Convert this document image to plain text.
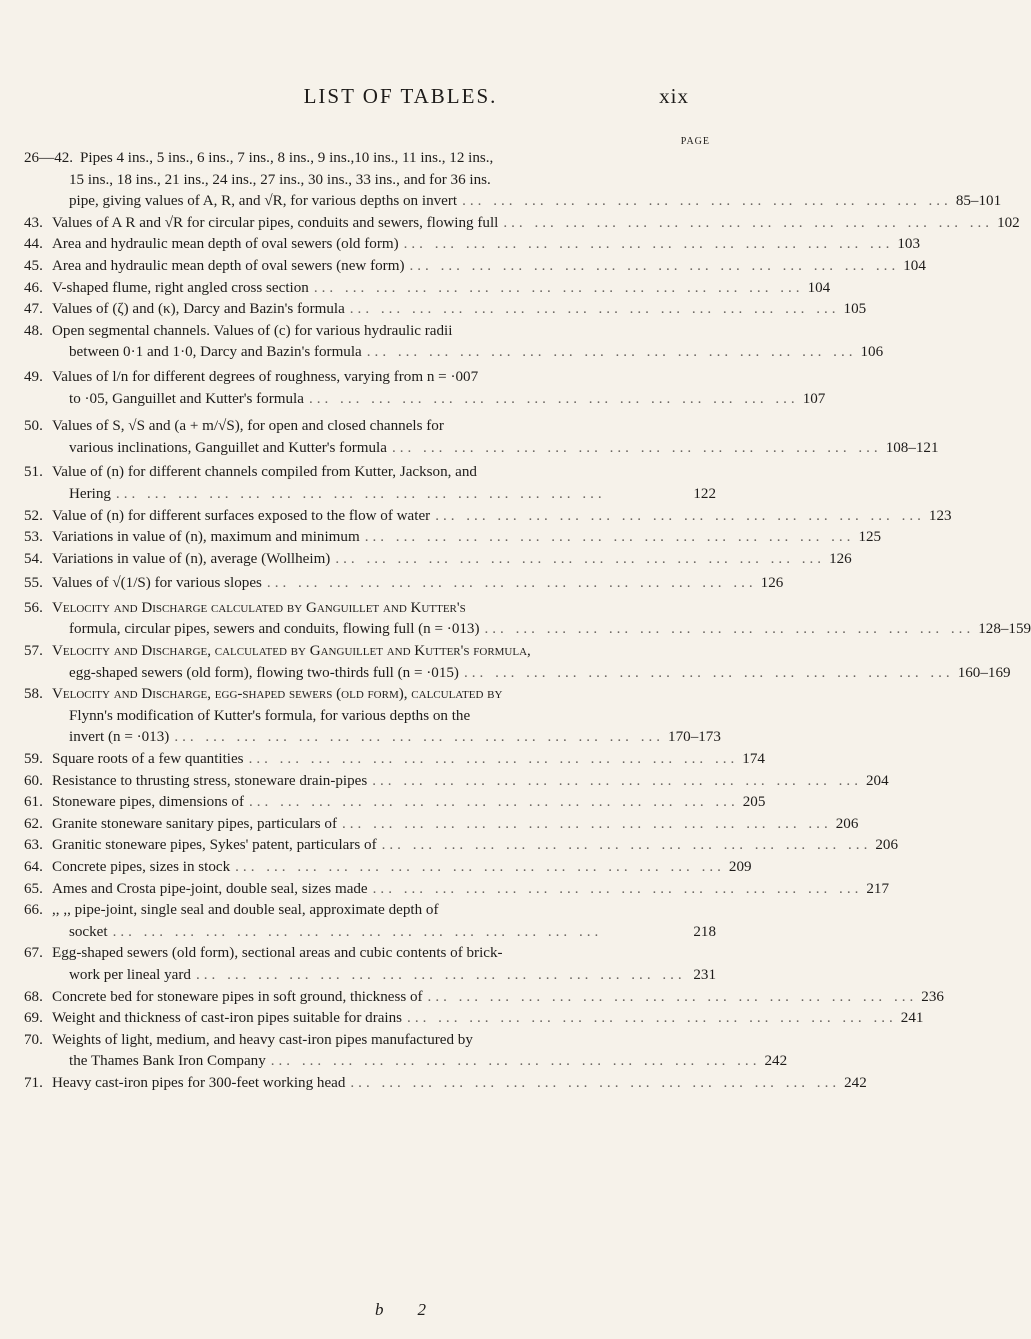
LIST OF TABLES.	xix
PAGE
26—42. Pipes 4 ins., 5 ins., 6 ins., 7 ins., 8 ins., 9 ins.,10 ins., 11 ins., 12 ins.,
15 ins., 18 ins., 21 ins., 24 ins., 27 ins., 30 ins., 33 ins., and for 36 ins.
pipe, giving values of A, R, and √R, for various depths on invert ... ... ... ... ... ... ... ... ... ... ... ... ... ... ... ... 85–101
43. Values of A R and √R for circular pipes, conduits and sewers, flowing full ... ... ... ... ... ... ... ... ... ... ... ... ... ... ... ... 102
44. Area and hydraulic mean depth of oval sewers (old form) ... ... ... ... ... ... ... ... ... ... ... ... ... ... ... ... 103
45. Area and hydraulic mean depth of oval sewers (new form) ... ... ... ... ... ... ... ... ... ... ... ... ... ... ... ... 104
46. V-shaped flume, right angled cross section ... ... ... ... ... ... ... ... ... ... ... ... ... ... ... ... 104
47. Values of (ζ) and (κ), Darcy and Bazin's formula ... ... ... ... ... ... ... ... ... ... ... ... ... ... ... ... 105
48. Open segmental channels. Values of (c) for various hydraulic radii
between 0·1 and 1·0, Darcy and Bazin's formula ... ... ... ... ... ... ... ... ... ... ... ... ... ... ... ... 106
49. Values of l/n for different degrees of roughness, varying from n = ·007
to ·05, Ganguillet and Kutter's formula ... ... ... ... ... ... ... ... ... ... ... ... ... ... ... ... 107
50. Values of S, √S and (a + m/√S), for open and closed channels for
various inclinations, Ganguillet and Kutter's formula ... ... ... ... ... ... ... ... ... ... ... ... ... ... ... ... 108–121
51. Value of (n) for different channels compiled from Kutter, Jackson, and
Hering ... ... ... ... ... ... ... ... ... ... ... ... ... ... ... ...	122
52. Value of (n) for different surfaces exposed to the flow of water ... ... ... ... ... ... ... ... ... ... ... ... ... ... ... ... 123
53. Variations in value of (n), maximum and minimum ... ... ... ... ... ... ... ... ... ... ... ... ... ... ... ... 125
54. Variations in value of (n), average (Wollheim) ... ... ... ... ... ... ... ... ... ... ... ... ... ... ... ... 126
55. Values of √(1/S) for various slopes ... ... ... ... ... ... ... ... ... ... ... ... ... ... ... ... 126
56. Velocity and Discharge calculated by Ganguillet and Kutter's
formula, circular pipes, sewers and conduits, flowing full (n = ·013) ... ... ... ... ... ... ... ... ... ... ... ... ... ... ... ... 128–159
57. Velocity and Discharge, calculated by Ganguillet and Kutter's formula,
egg-shaped sewers (old form), flowing two-thirds full (n = ·015) ... ... ... ... ... ... ... ... ... ... ... ... ... ... ... ... 160–169
58. Velocity and Discharge, egg-shaped sewers (old form), calculated by
Flynn's modification of Kutter's formula, for various depths on the
invert (n = ·013) ... ... ... ... ... ... ... ... ... ... ... ... ... ... ... ... 170–173
59. Square roots of a few quantities ... ... ... ... ... ... ... ... ... ... ... ... ... ... ... ... 174
60. Resistance to thrusting stress, stoneware drain-pipes ... ... ... ... ... ... ... ... ... ... ... ... ... ... ... ... 204
61. Stoneware pipes, dimensions of ... ... ... ... ... ... ... ... ... ... ... ... ... ... ... ... 205
62. Granite stoneware sanitary pipes, particulars of ... ... ... ... ... ... ... ... ... ... ... ... ... ... ... ... 206
63. Granitic stoneware pipes, Sykes' patent, particulars of ... ... ... ... ... ... ... ... ... ... ... ... ... ... ... ... 206
64. Concrete pipes, sizes in stock ... ... ... ... ... ... ... ... ... ... ... ... ... ... ... ... 209
65. Ames and Crosta pipe-joint, double seal, sizes made ... ... ... ... ... ... ... ... ... ... ... ... ... ... ... ... 217
66. ,, ,, pipe-joint, single seal and double seal, approximate depth of
socket ... ... ... ... ... ... ... ... ... ... ... ... ... ... ... ...	218
67. Egg-shaped sewers (old form), sectional areas and cubic contents of brick-
work per lineal yard ... ... ... ... ... ... ... ... ... ... ... ... ... ... ... ... 231
68. Concrete bed for stoneware pipes in soft ground, thickness of ... ... ... ... ... ... ... ... ... ... ... ... ... ... ... ... 236
69. Weight and thickness of cast-iron pipes suitable for drains ... ... ... ... ... ... ... ... ... ... ... ... ... ... ... ... 241
70. Weights of light, medium, and heavy cast-iron pipes manufactured by
the Thames Bank Iron Company ... ... ... ... ... ... ... ... ... ... ... ... ... ... ... ... 242
71. Heavy cast-iron pipes for 300-feet working head ... ... ... ... ... ... ... ... ... ... ... ... ... ... ... ... 242
b 2
